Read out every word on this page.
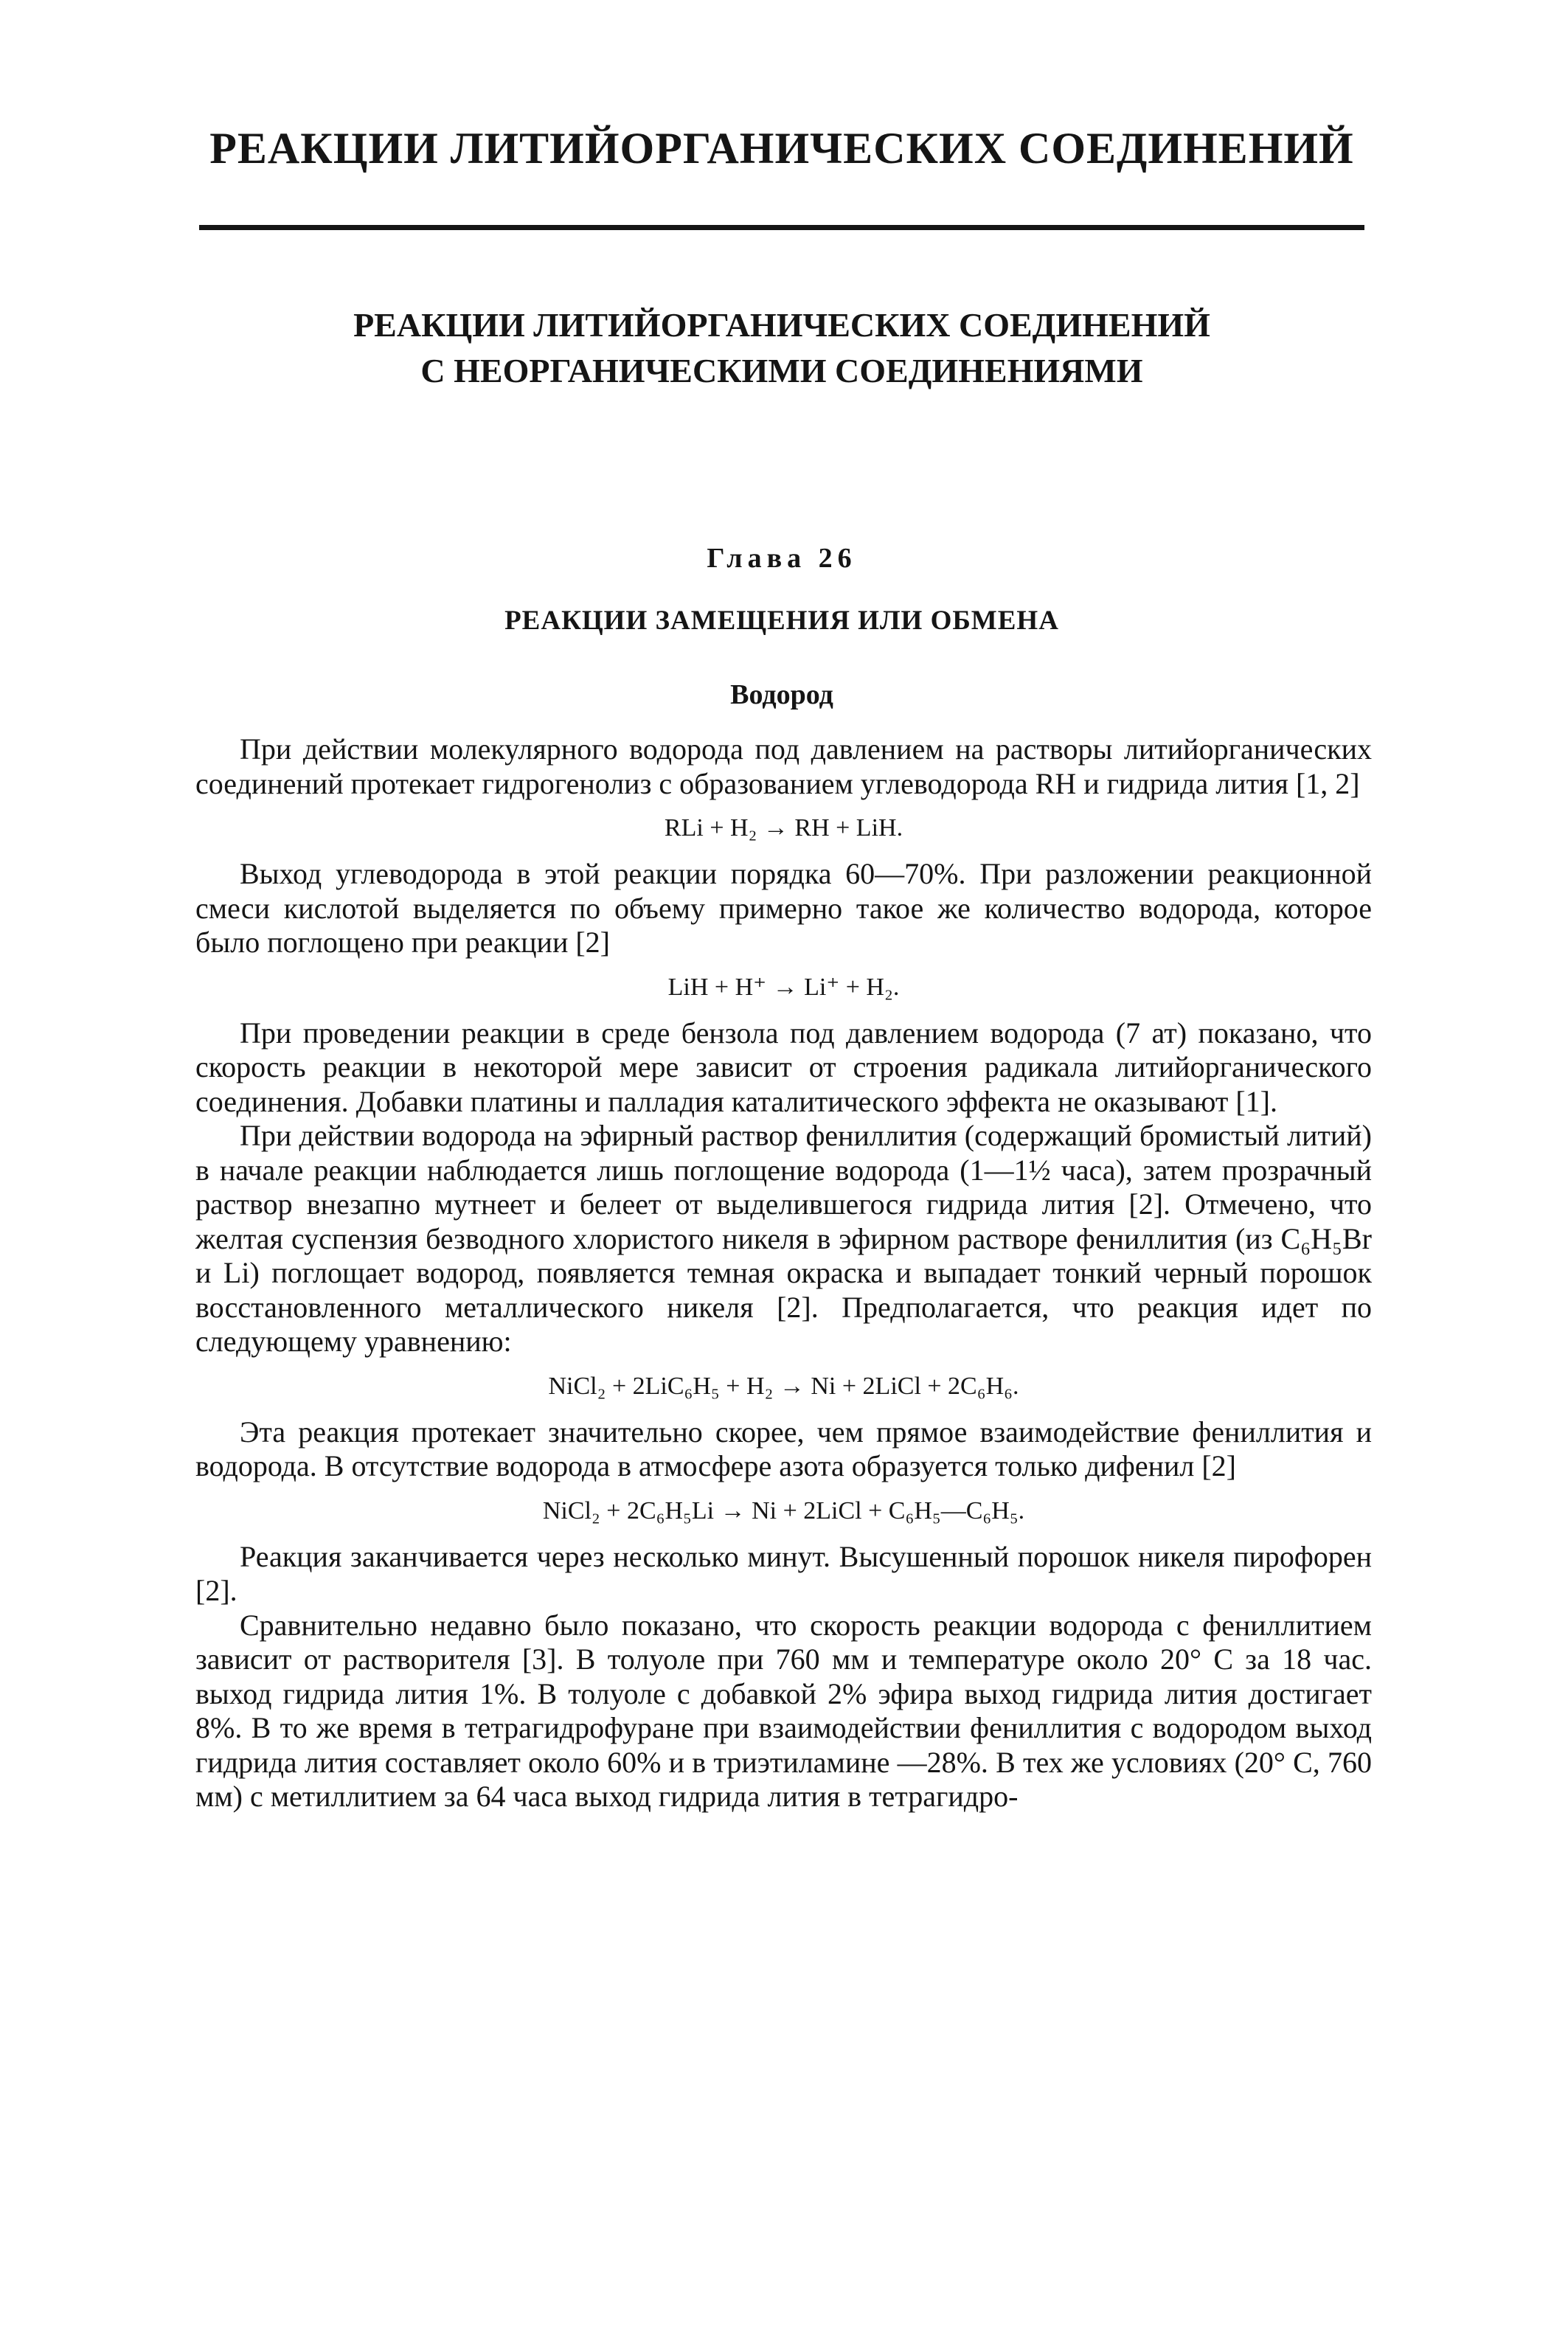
РЕАКЦИИ ЛИТИЙОРГАНИЧЕСКИХ СОЕДИНЕНИЙ
РЕАКЦИИ ЛИТИЙОРГАНИЧЕСКИХ СОЕДИНЕНИЙ
С НЕОРГАНИЧЕСКИМИ СОЕДИНЕНИЯМИ
Глава 26
РЕАКЦИИ ЗАМЕЩЕНИЯ ИЛИ ОБМЕНА
Водород

При действии молекулярного водорода под давлением на растворы литийорганических соединений протекает гидрогенолиз с образованием углеводорода RH и гидрида лития [1, 2]

RLi + H₂ → RH + LiH.

Выход углеводорода в этой реакции порядка 60—70%. При разложении реакционной смеси кислотой выделяется по объему примерно такое же количество водорода, которое было поглощено при реакции [2]

LiH + H⁺ → Li⁺ + H₂.

При проведении реакции в среде бензола под давлением водорода (7 ат) показано, что скорость реакции в некоторой мере зависит от строения радикала литийорганического соединения. Добавки платины и палладия каталитического эффекта не оказывают [1].

При действии водорода на эфирный раствор фениллития (содержащий бромистый литий) в начале реакции наблюдается лишь поглощение водорода (1—1½ часа), затем прозрачный раствор внезапно мутнеет и белеет от выделившегося гидрида лития [2]. Отмечено, что желтая суспензия безводного хлористого никеля в эфирном растворе фениллития (из C₆H₅Br и Li) поглощает водород, появляется темная окраска и выпадает тонкий черный порошок восстановленного металлического никеля [2]. Предполагается, что реакция идет по следующему уравнению:

NiCl₂ + 2LiC₆H₅ + H₂ → Ni + 2LiCl + 2C₆H₆.

Эта реакция протекает значительно скорее, чем прямое взаимодействие фениллития и водорода. В отсутствие водорода в атмосфере азота образуется только дифенил [2]

NiCl₂ + 2C₆H₅Li → Ni + 2LiCl + C₆H₅—C₆H₅.

Реакция заканчивается через несколько минут. Высушенный порошок никеля пирофорен [2].

Сравнительно недавно было показано, что скорость реакции водорода с фениллитием зависит от растворителя [3]. В толуоле при 760 мм и температуре около 20° С за 18 час. выход гидрида лития 1%. В толуоле с добавкой 2% эфира выход гидрида лития достигает 8%. В то же время в тетрагидрофуране при взаимодействии фениллития с водородом выход гидрида лития составляет около 60% и в триэтиламине —28%. В тех же условиях (20° С, 760 мм) с метиллитием за 64 часа выход гидрида лития в тетрагидро-
